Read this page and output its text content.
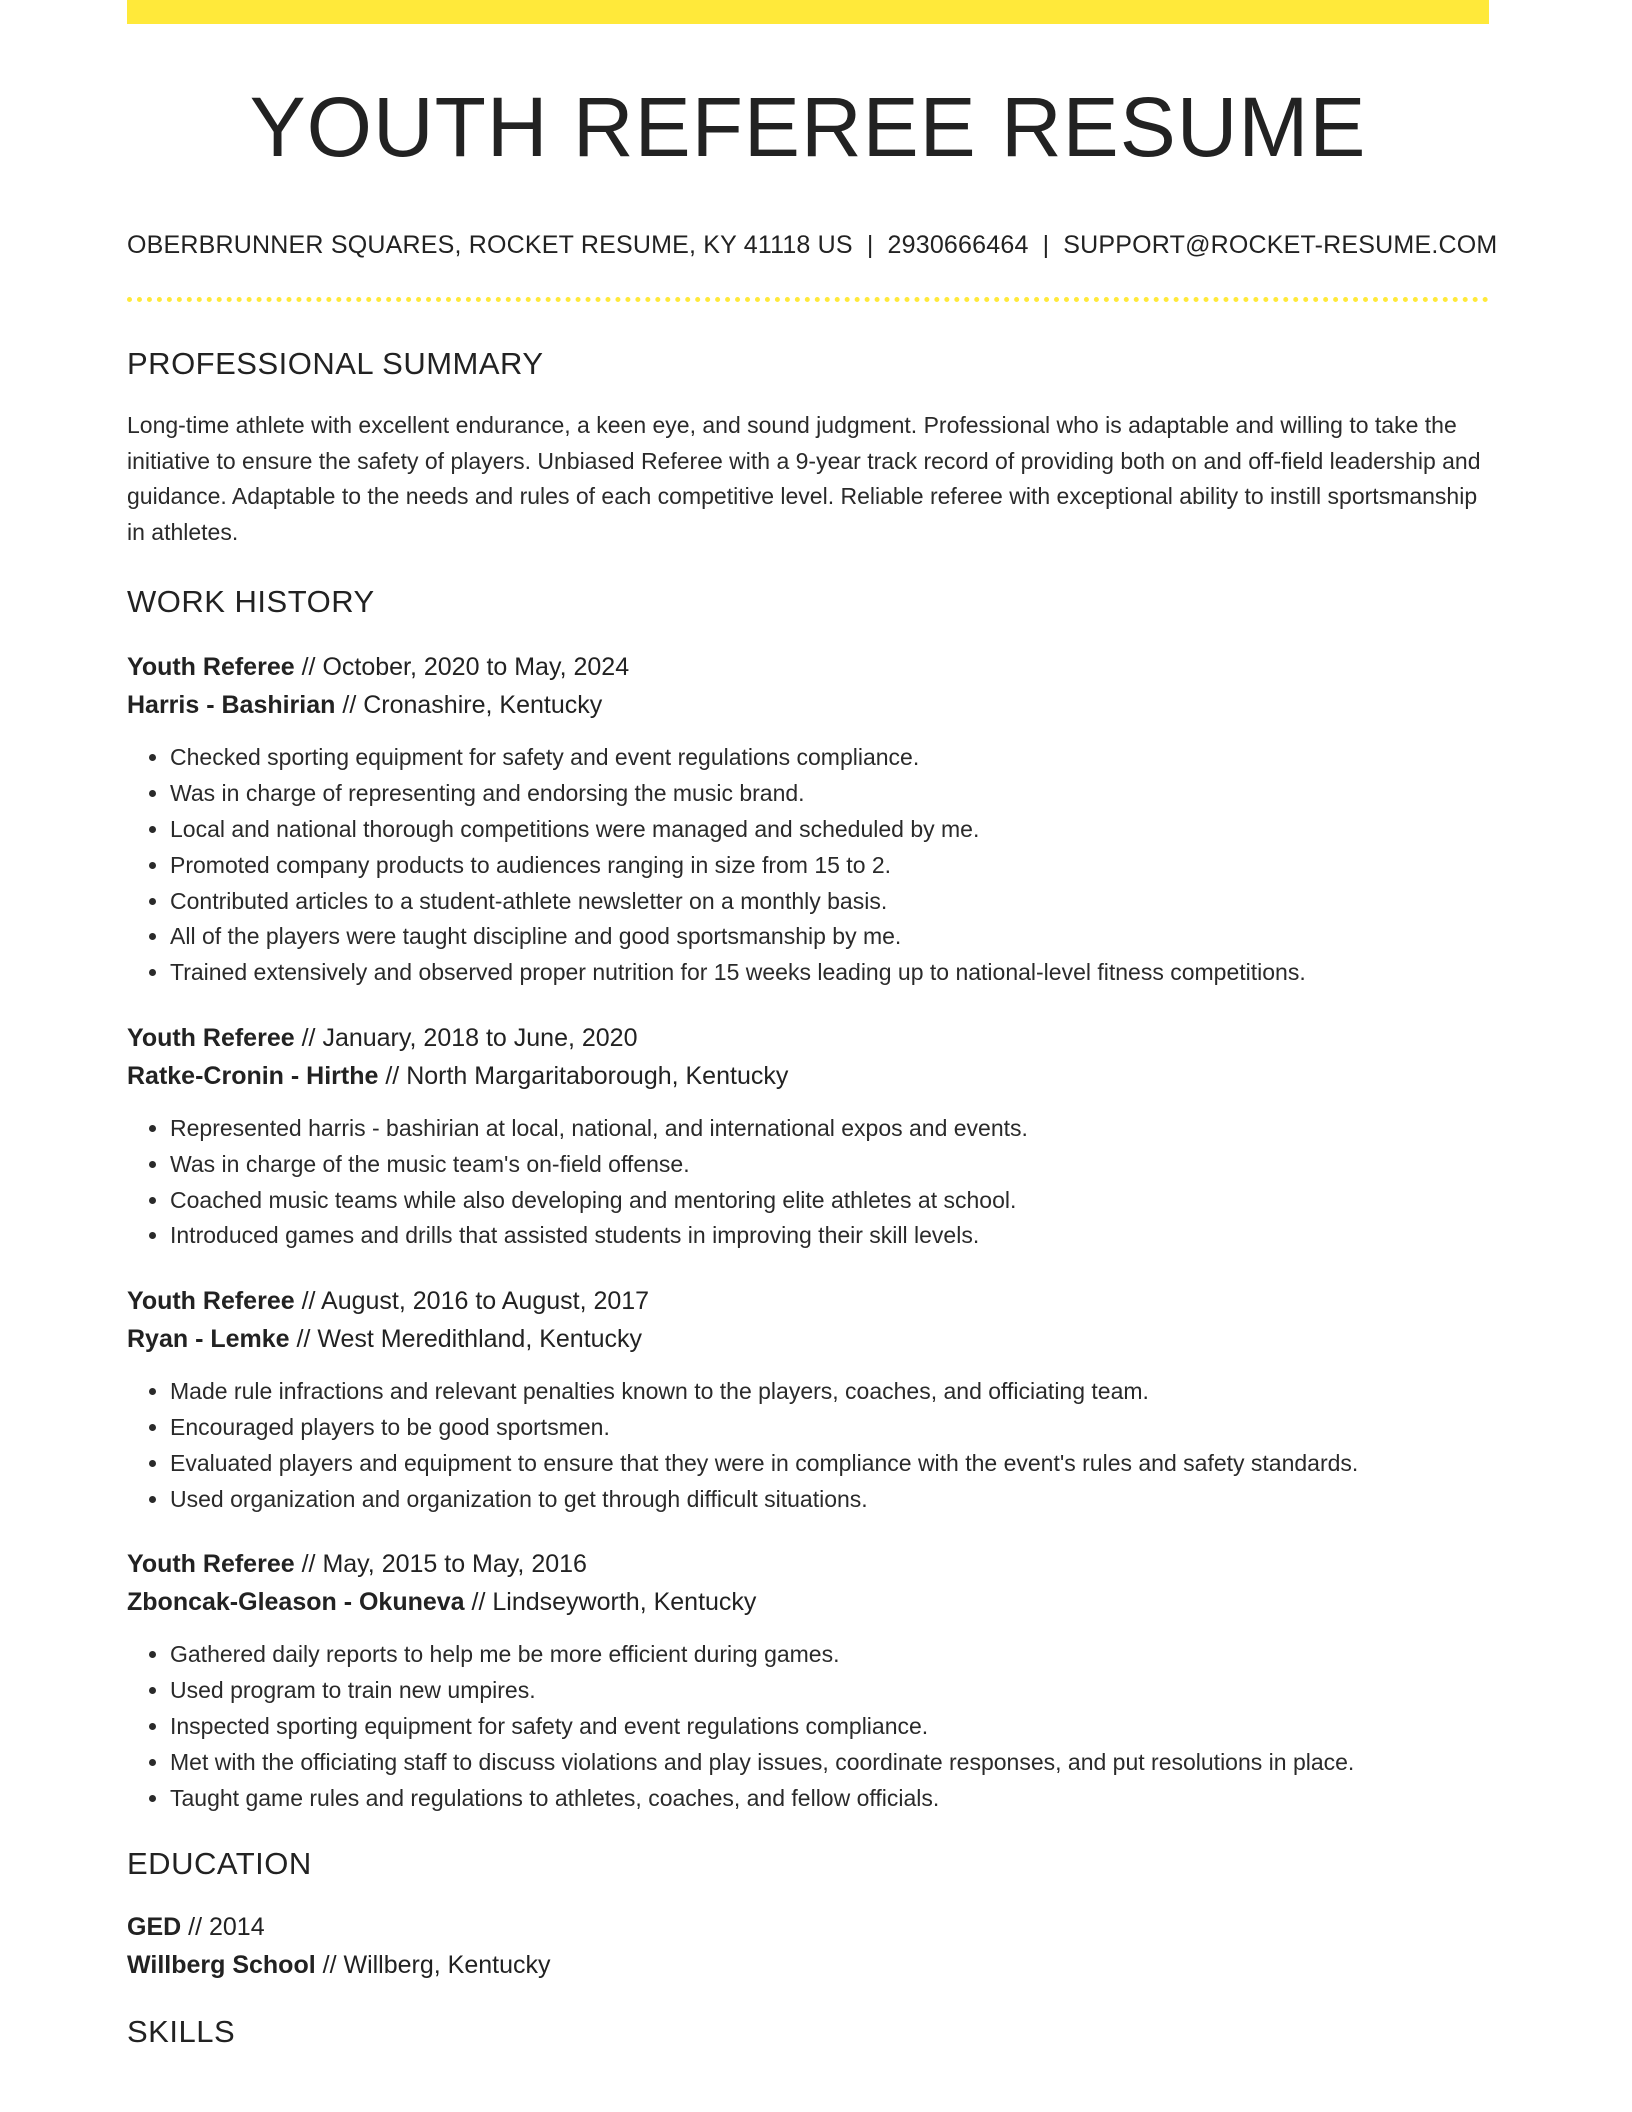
YOUTH REFEREE RESUME
OBERBRUNNER SQUARES, ROCKET RESUME, KY 41118 US | 2930666464 | SUPPORT@ROCKET-RESUME.COM
PROFESSIONAL SUMMARY

Long-time athlete with excellent endurance, a keen eye, and sound judgment. Professional who is adaptable and willing to take the initiative to ensure the safety of players. Unbiased Referee with a 9-year track record of providing both on and off-field leadership and guidance. Adaptable to the needs and rules of each competitive level. Reliable referee with exceptional ability to instill sportsmanship in athletes.

WORK HISTORY
Youth Referee // October, 2020 to May, 2024
Harris - Bashirian // Cronashire, Kentucky
• Checked sporting equipment for safety and event regulations compliance.
• Was in charge of representing and endorsing the music brand.
• Local and national thorough competitions were managed and scheduled by me.
• Promoted company products to audiences ranging in size from 15 to 2.
• Contributed articles to a student-athlete newsletter on a monthly basis.
• All of the players were taught discipline and good sportsmanship by me.
• Trained extensively and observed proper nutrition for 15 weeks leading up to national-level fitness competitions.
Youth Referee // January, 2018 to June, 2020
Ratke-Cronin - Hirthe // North Margaritaborough, Kentucky
• Represented harris - bashirian at local, national, and international expos and events.
• Was in charge of the music team's on-field offense.
• Coached music teams while also developing and mentoring elite athletes at school.
• Introduced games and drills that assisted students in improving their skill levels.
Youth Referee // August, 2016 to August, 2017
Ryan - Lemke // West Meredithland, Kentucky
• Made rule infractions and relevant penalties known to the players, coaches, and officiating team.
• Encouraged players to be good sportsmen.
• Evaluated players and equipment to ensure that they were in compliance with the event's rules and safety standards.
• Used organization and organization to get through difficult situations.
Youth Referee // May, 2015 to May, 2016
Zboncak-Gleason - Okuneva // Lindseyworth, Kentucky
• Gathered daily reports to help me be more efficient during games.
• Used program to train new umpires.
• Inspected sporting equipment for safety and event regulations compliance.
• Met with the officiating staff to discuss violations and play issues, coordinate responses, and put resolutions in place.
• Taught game rules and regulations to athletes, coaches, and fellow officials.
EDUCATION
GED // 2014
Willberg School // Willberg, Kentucky
SKILLS
